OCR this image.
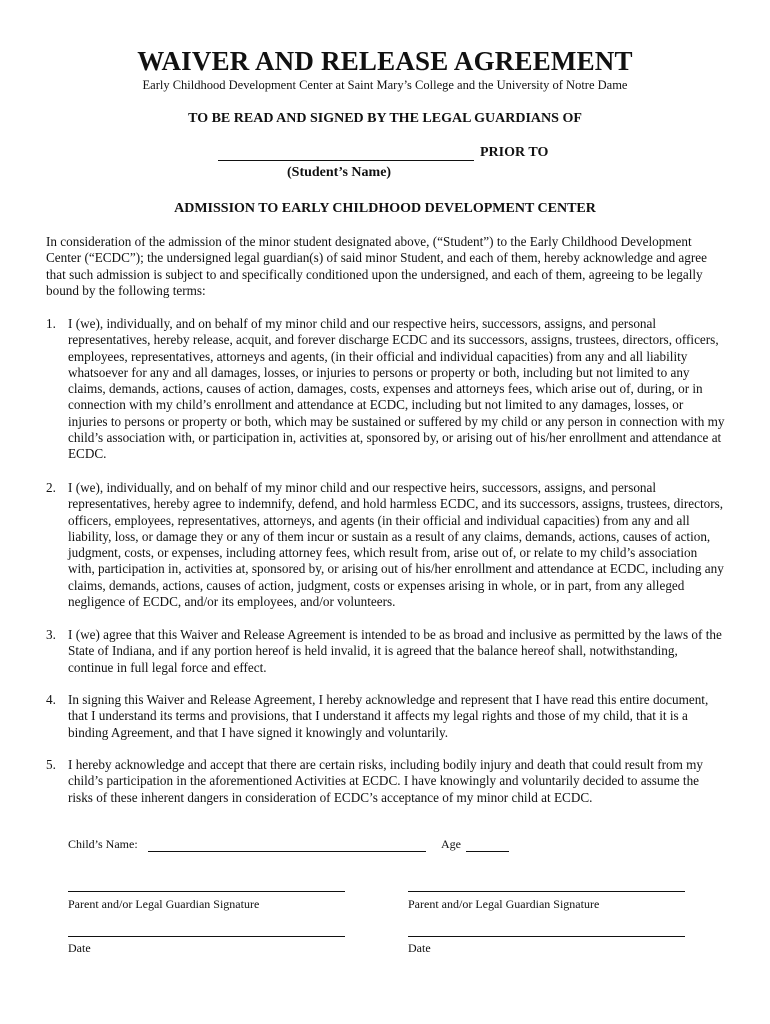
WAIVER AND RELEASE AGREEMENT
Early Childhood Development Center at Saint Mary’s College and the University of Notre Dame
TO BE READ AND SIGNED BY THE LEGAL GUARDIANS OF
PRIOR TO
(Student’s Name)
ADMISSION TO EARLY CHILDHOOD DEVELOPMENT CENTER
In consideration of the admission of the minor student designated above, (“Student”) to the Early Childhood Development Center (“ECDC”); the undersigned legal guardian(s) of said minor Student, and each of them, hereby acknowledge and agree that such admission is subject to and specifically conditioned upon the undersigned, and each of them, agreeing to be legally bound by the following terms:
1. I (we), individually, and on behalf of my minor child and our respective heirs, successors, assigns, and personal representatives, hereby release, acquit, and forever discharge ECDC and its successors, assigns, trustees, directors, officers, employees, representatives, attorneys and agents, (in their official and individual capacities) from any and all liability whatsoever for any and all damages, losses, or injuries to persons or property or both, including but not limited to any claims, demands, actions, causes of action, damages, costs, expenses and attorneys fees, which arise out of, during, or in connection with my child’s enrollment and attendance at ECDC, including but not limited to any damages, losses, or injuries to persons or property or both, which may be sustained or suffered by my child or any person in connection with my child’s association with, or participation in, activities at, sponsored by, or arising out of his/her enrollment and attendance at ECDC.
2. I (we), individually, and on behalf of my minor child and our respective heirs, successors, assigns, and personal representatives, hereby agree to indemnify, defend, and hold harmless ECDC, and its successors, assigns, trustees, directors, officers, employees, representatives, attorneys, and agents (in their official and individual capacities) from any and all liability, loss, or damage they or any of them incur or sustain as a result of any claims, demands, actions, causes of action, judgment, costs, or expenses, including attorney fees, which result from, arise out of, or relate to my child’s association with, participation in, activities at, sponsored by, or arising out of his/her enrollment and attendance at ECDC, including any claims, demands, actions, causes of action, judgment, costs or expenses arising in whole, or in part, from any alleged negligence of ECDC, and/or its employees, and/or volunteers.
3. I (we) agree that this Waiver and Release Agreement is intended to be as broad and inclusive as permitted by the laws of the State of Indiana, and if any portion hereof is held invalid, it is agreed that the balance hereof shall, notwithstanding, continue in full legal force and effect.
4. In signing this Waiver and Release Agreement, I hereby acknowledge and represent that I have read this entire document, that I understand its terms and provisions, that I understand it affects my legal rights and those of my child, that it is a binding Agreement, and that I have signed it knowingly and voluntarily.
5. I hereby acknowledge and accept that there are certain risks, including bodily injury and death that could result from my child’s participation in the aforementioned Activities at ECDC. I have knowingly and voluntarily decided to assume the risks of these inherent dangers in consideration of ECDC’s acceptance of my minor child at ECDC.
Child’s Name:	Age
Parent and/or Legal Guardian Signature	Parent and/or Legal Guardian Signature
Date	Date
